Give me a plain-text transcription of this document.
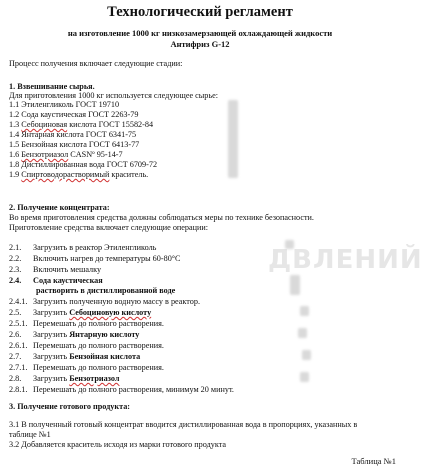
Технологический регламент
на изготовление 1000 кг низкозамерзающей охлаждающей жидкости
Антифриз G-12
Процесс получения включает следующие стадии:
1. Взвешивание сырья.
Для приготовления 1000 кг используется следующее сырье:
1.1 Этиленгликоль ГОСТ 19710
1.2 Сода каустическая ГОСТ 2263-79
1.3 Себоциновая кислота ГОСТ 15582-84
1.4 Янтарная кислота ГОСТ 6341-75
1.5 Бензойная кислота ГОСТ 6413-77
1.6 Бензотриазол CASNº 95-14-7
1.8 Дистиллированная вода ГОСТ 6709-72
1.9 Спиртоводорастворимый краситель.
2. Получение концентрата:
Во время приготовления средства должны соблюдаться меры по технике безопасности.
Приготовление средства включает следующие операции:
2.1. Загрузить в реактор Этиленгликоль
2.2. Включить нагрев до температуры 60-80°C
2.3. Включить мешалку
2.4. Сода каустическая
растворить в дистиллированной воде
2.4.1. Загрузить полученную водную массу в реактор.
2.5. Загрузить Себоциновую кислоту
2.5.1. Перемешать до полного растворения.
2.6. Загрузить Янтарную кислоту
2.6.1. Перемешать до полного растворения.
2.7. Загрузить Бензойная кислота
2.7.1. Перемешать до полного растворения.
2.8. Загрузить Бензотриазол
2.8.1. Перемешать до полного растворения, минимум 20 минут.
ДВЛЕНИЙ
3. Получение готового продукта:
3.1 В полученный готовый концентрат вводится дистиллированная вода в пропорциях, указанных в
таблице №1
3.2 Добавляется краситель исходя из марки готового продукта
Таблица №1
